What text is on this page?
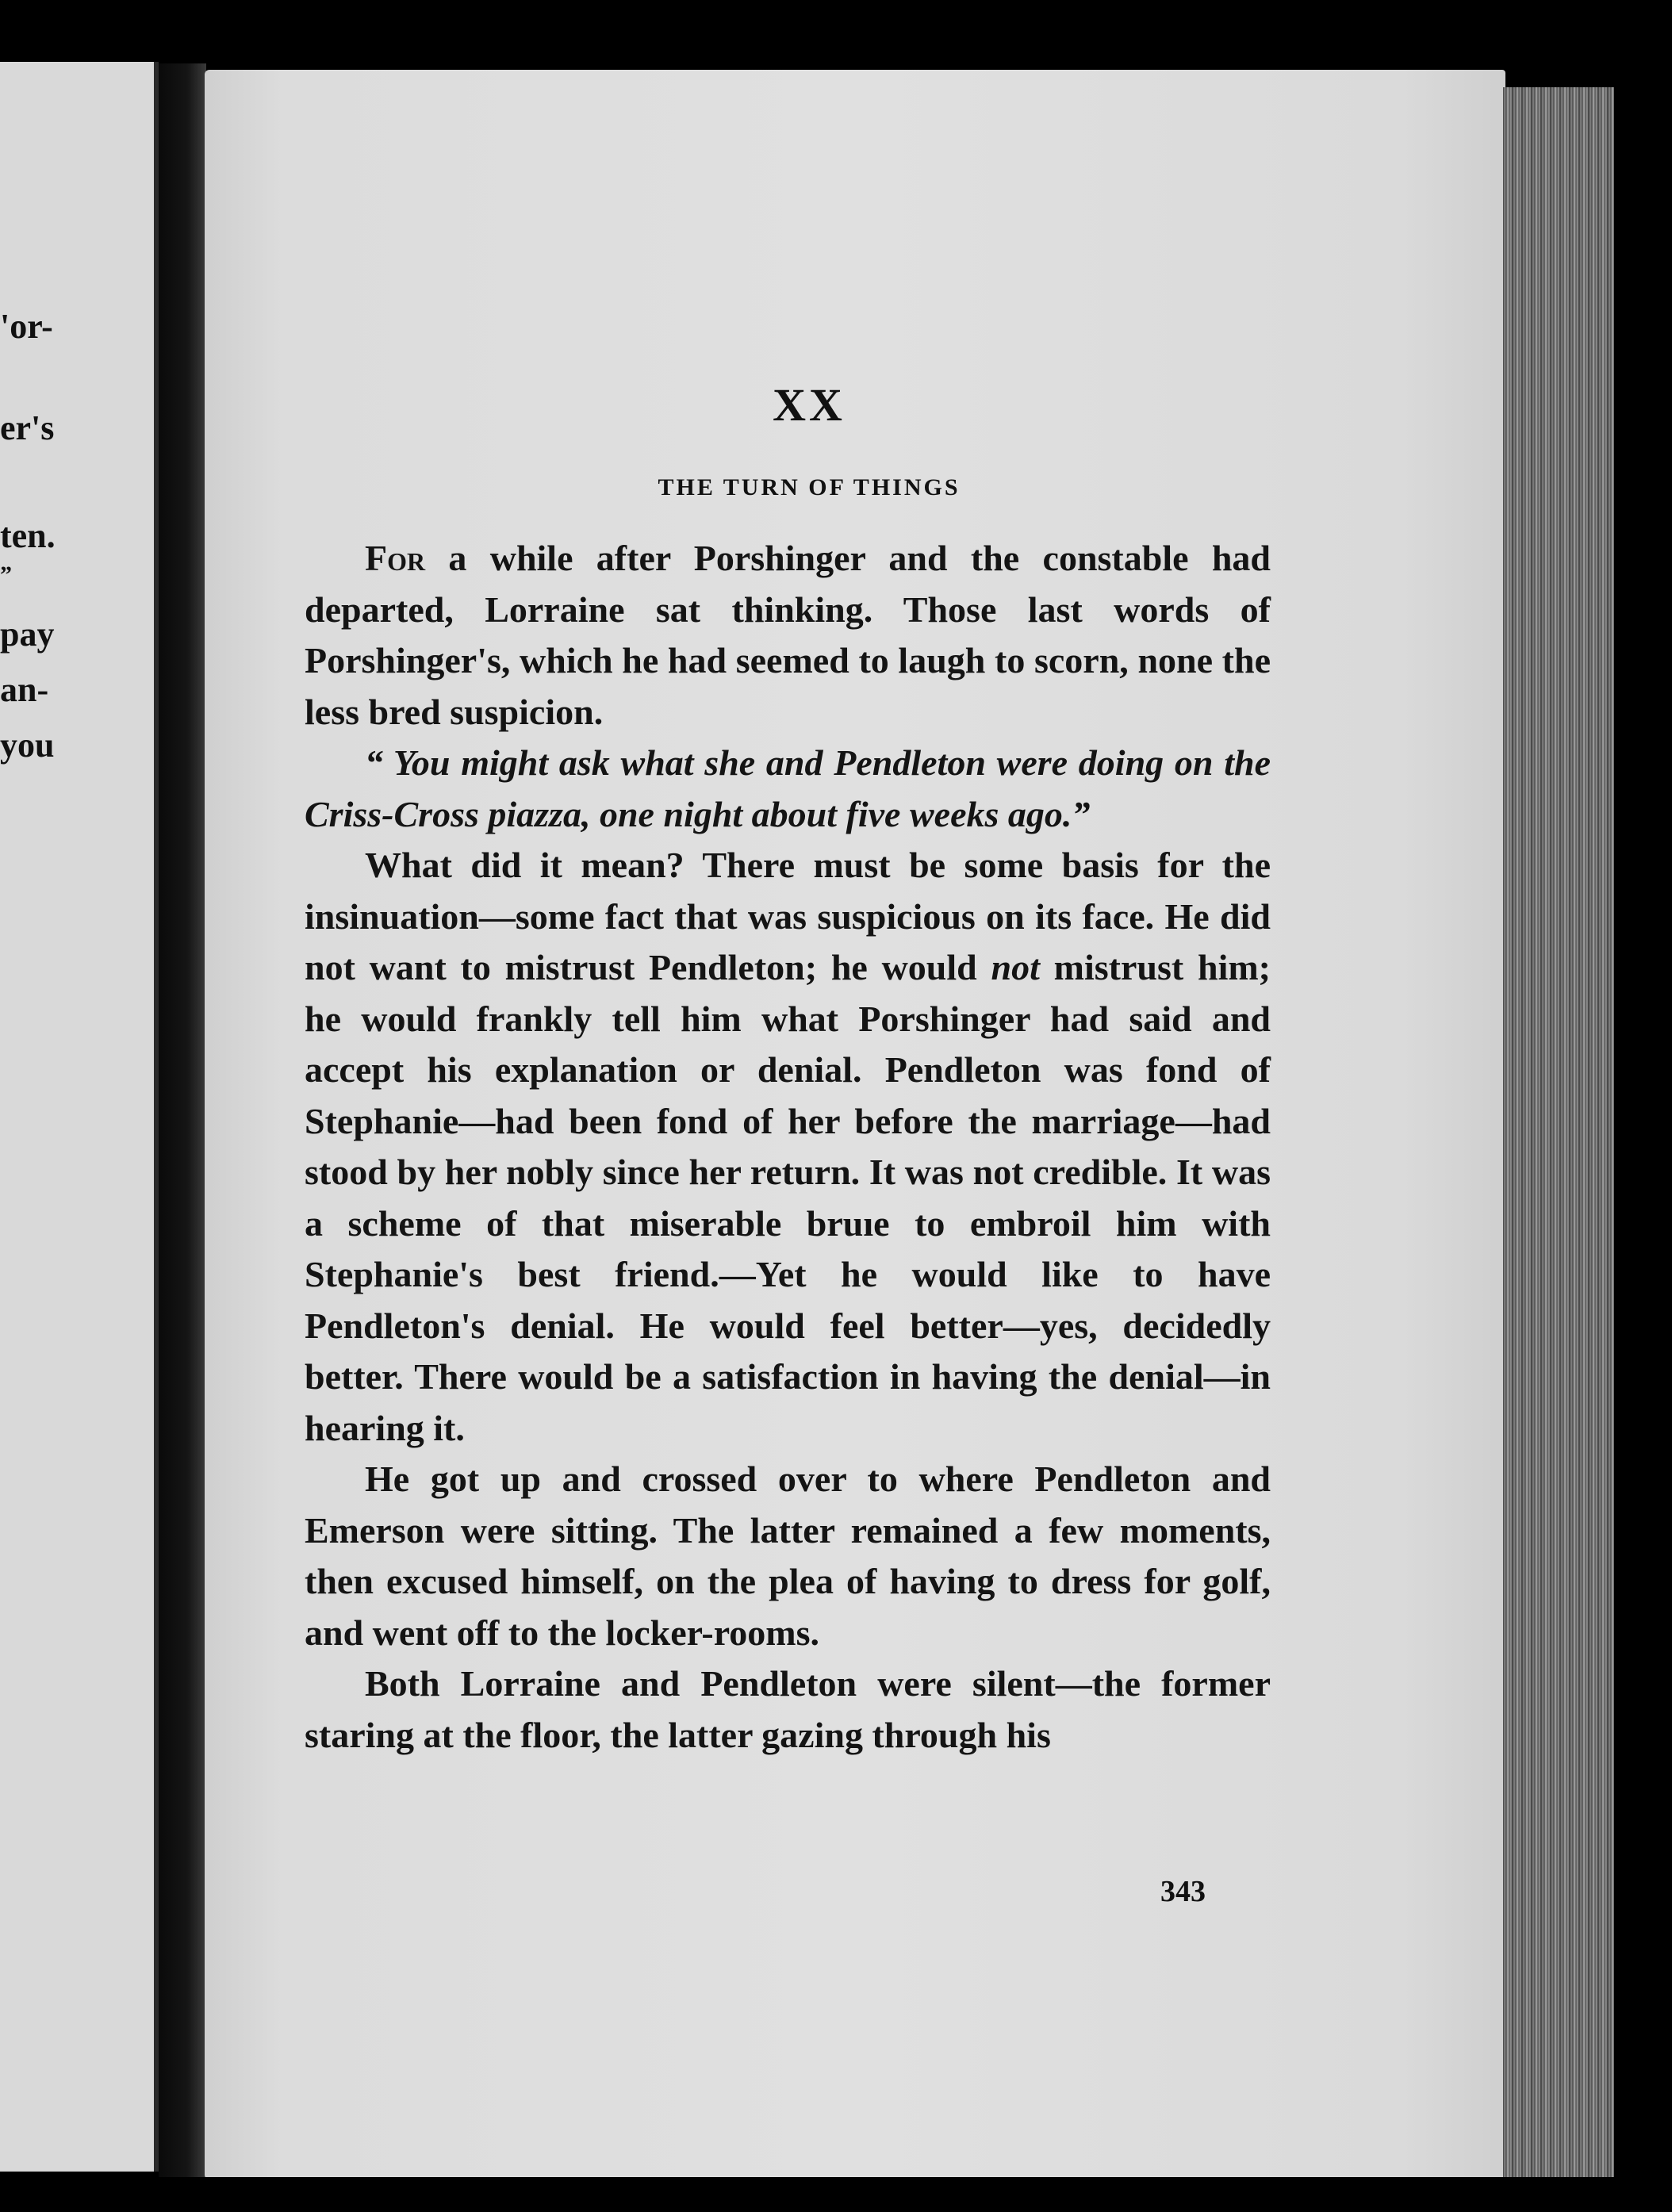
'or-
er's
ten.
”
pay
an-
you
XX
THE TURN OF THINGS

For a while after Porshinger and the constable had departed, Lorraine sat thinking. Those last words of Porshinger's, which he had seemed to laugh to scorn, none the less bred suspicion.

“ You might ask what she and Pendleton were doing on the Criss-Cross piazza, one night about five weeks ago.”

What did it mean? There must be some basis for the insinuation—some fact that was suspicious on its face. He did not want to mistrust Pendleton; he would not mistrust him; he would frankly tell him what Porshinger had said and accept his explanation or denial. Pendleton was fond of Stephanie—had been fond of her before the marriage—had stood by her nobly since her return. It was not credible. It was a scheme of that miserable bruıe to embroil him with Stephanie's best friend.—Yet he would like to have Pendleton's denial. He would feel better—yes, decidedly better. There would be a satisfaction in having the denial—in hearing it.

He got up and crossed over to where Pendleton and Emerson were sitting. The latter remained a few moments, then excused himself, on the plea of having to dress for golf, and went off to the locker-rooms.

Both Lorraine and Pendleton were silent—the former staring at the floor, the latter gazing through his

343
